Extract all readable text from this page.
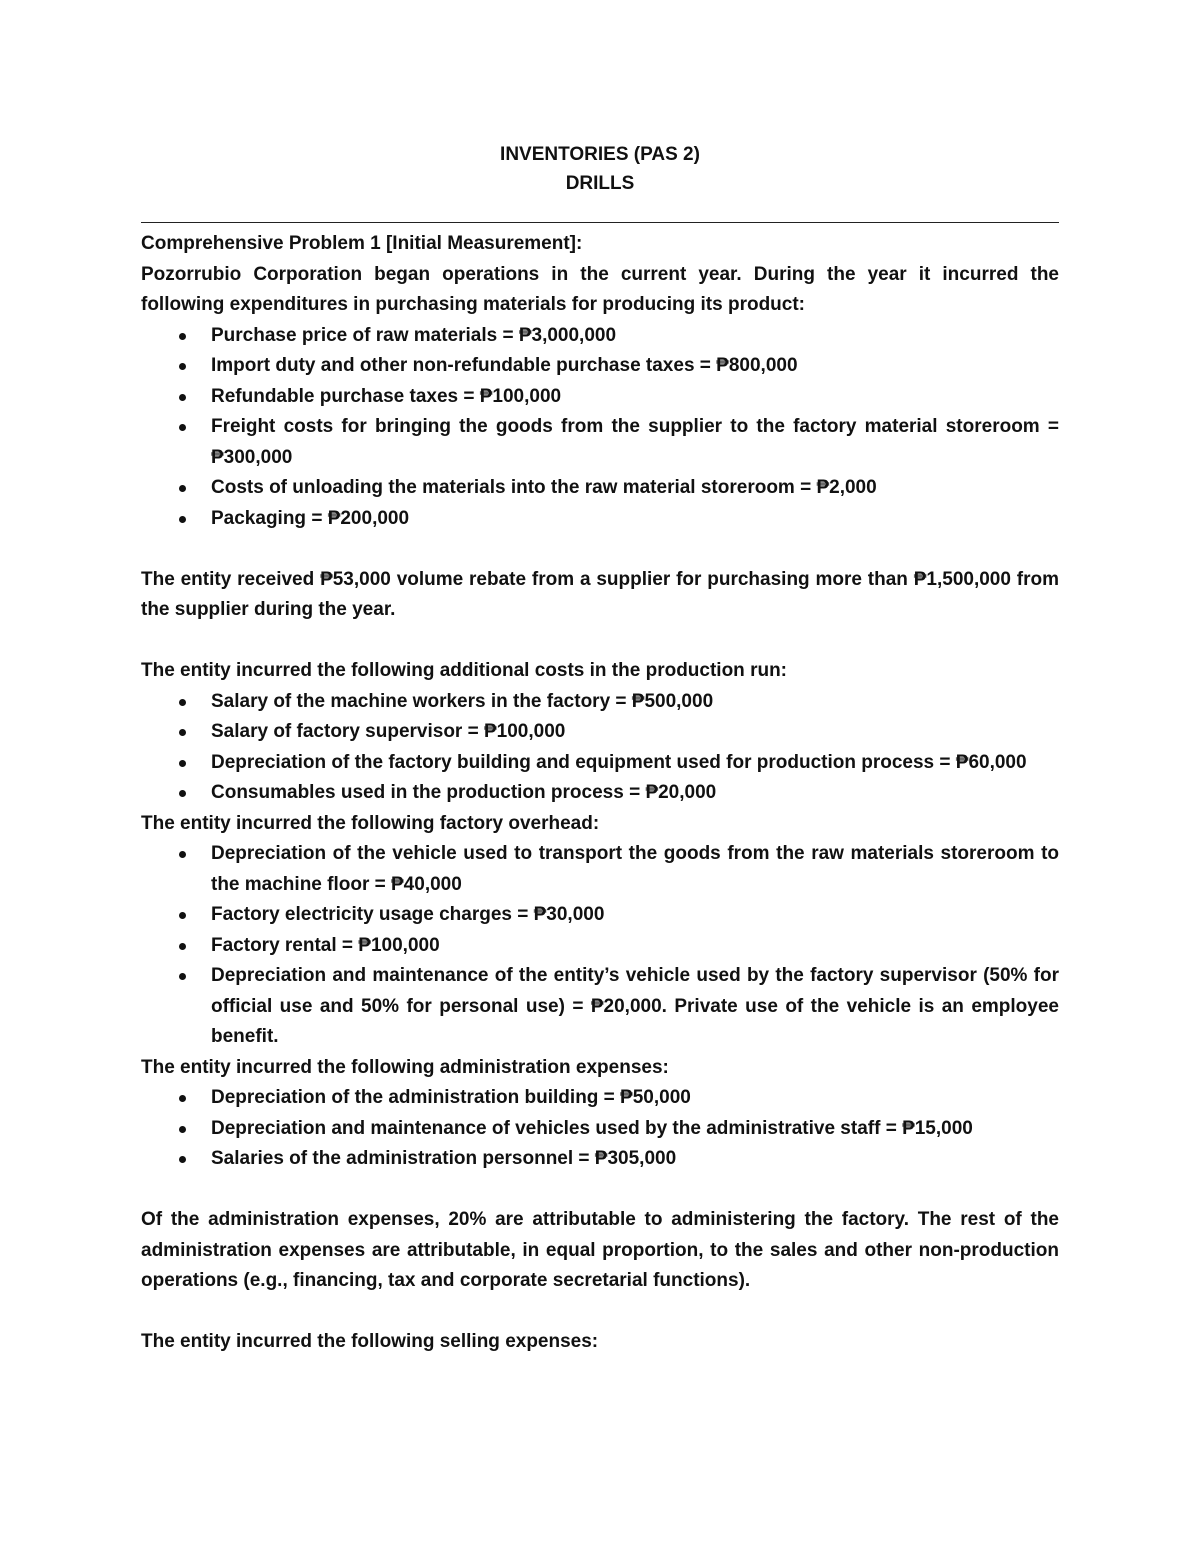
INVENTORIES (PAS 2)
DRILLS
Comprehensive Problem 1 [Initial Measurement]:

Pozorrubio Corporation began operations in the current year. During the year it incurred the following expenditures in purchasing materials for producing its product:

Purchase price of raw materials = ₱3,000,000
Import duty and other non-refundable purchase taxes = ₱800,000
Refundable purchase taxes = ₱100,000
Freight costs for bringing the goods from the supplier to the factory material storeroom = ₱300,000
Costs of unloading the materials into the raw material storeroom = ₱2,000
Packaging = ₱200,000

The entity received ₱53,000 volume rebate from a supplier for purchasing more than ₱1,500,000 from the supplier during the year.

The entity incurred the following additional costs in the production run:

Salary of the machine workers in the factory = ₱500,000
Salary of factory supervisor = ₱100,000
Depreciation of the factory building and equipment used for production process = ₱60,000
Consumables used in the production process = ₱20,000

The entity incurred the following factory overhead:

Depreciation of the vehicle used to transport the goods from the raw materials storeroom to the machine floor = ₱40,000
Factory electricity usage charges = ₱30,000
Factory rental = ₱100,000
Depreciation and maintenance of the entity’s vehicle used by the factory supervisor (50% for official use and 50% for personal use) = ₱20,000. Private use of the vehicle is an employee benefit.

The entity incurred the following administration expenses:

Depreciation of the administration building = ₱50,000
Depreciation and maintenance of vehicles used by the administrative staff = ₱15,000
Salaries of the administration personnel = ₱305,000

Of the administration expenses, 20% are attributable to administering the factory. The rest of the administration expenses are attributable, in equal proportion, to the sales and other non-production operations (e.g., financing, tax and corporate secretarial functions).

The entity incurred the following selling expenses:
